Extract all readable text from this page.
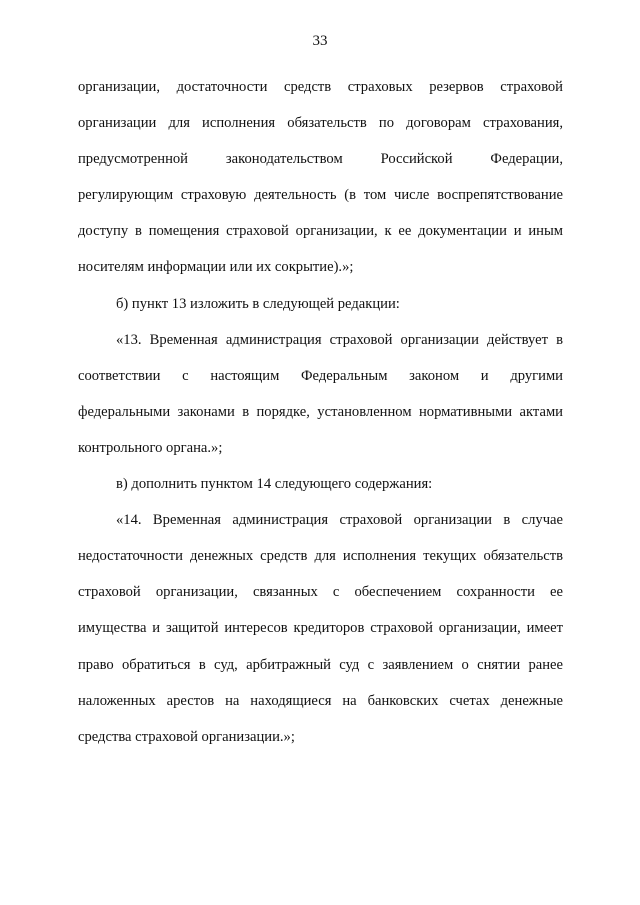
33
организации, достаточности средств страховых резервов страховой
организации для исполнения обязательств по договорам страхования,
предусмотренной законодательством Российской Федерации,
регулирующим страховую деятельность (в том числе воспрепятствование
доступу в помещения страховой организации, к ее документации и иным
носителям информации или их сокрытие).»;
б) пункт 13 изложить в следующей редакции:
«13. Временная администрация страховой организации действует в
соответствии с настоящим Федеральным законом и другими
федеральными законами в порядке, установленном нормативными актами
контрольного органа.»;
в) дополнить пунктом 14 следующего содержания:
«14. Временная администрация страховой организации в случае
недостаточности денежных средств для исполнения текущих обязательств
страховой организации, связанных с обеспечением сохранности ее
имущества и защитой интересов кредиторов страховой организации, имеет
право обратиться в суд, арбитражный суд с заявлением о снятии ранее
наложенных арестов на находящиеся на банковских счетах денежные
средства страховой организации.»;
